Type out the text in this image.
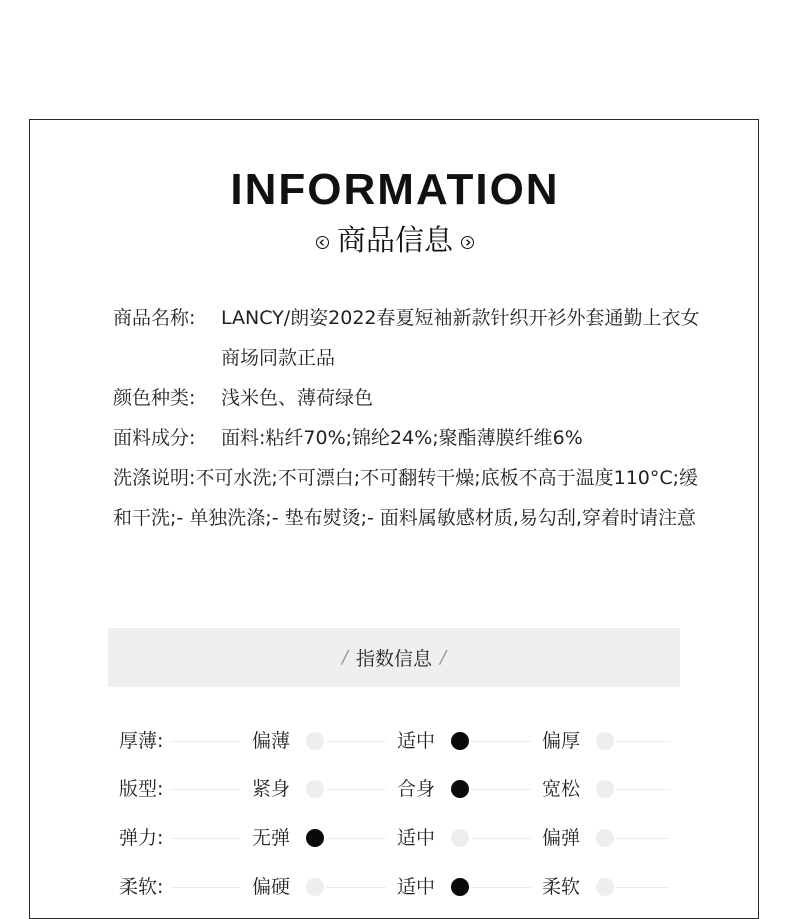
INFORMATION
商品信息
商品名称:	LANCY/朗姿2022春夏短袖新款针织开衫外套通勤上衣女商场同款正品
颜色种类:	浅米色、薄荷绿色
面料成分:	面料:粘纤70%;锦纶24%;聚酯薄膜纤维6%
洗涤说明:不可水洗;不可漂白;不可翻转干燥;底板不高于温度110°C;缓和干洗;- 单独洗涤;- 垫布熨烫;- 面料属敏感材质,易勾刮,穿着时请注意
/ 指数信息 /
厚薄:	偏薄	适中	偏厚
版型:	紧身	合身	宽松
弹力:	无弹	适中	偏弹
柔软:	偏硬	适中	柔软
